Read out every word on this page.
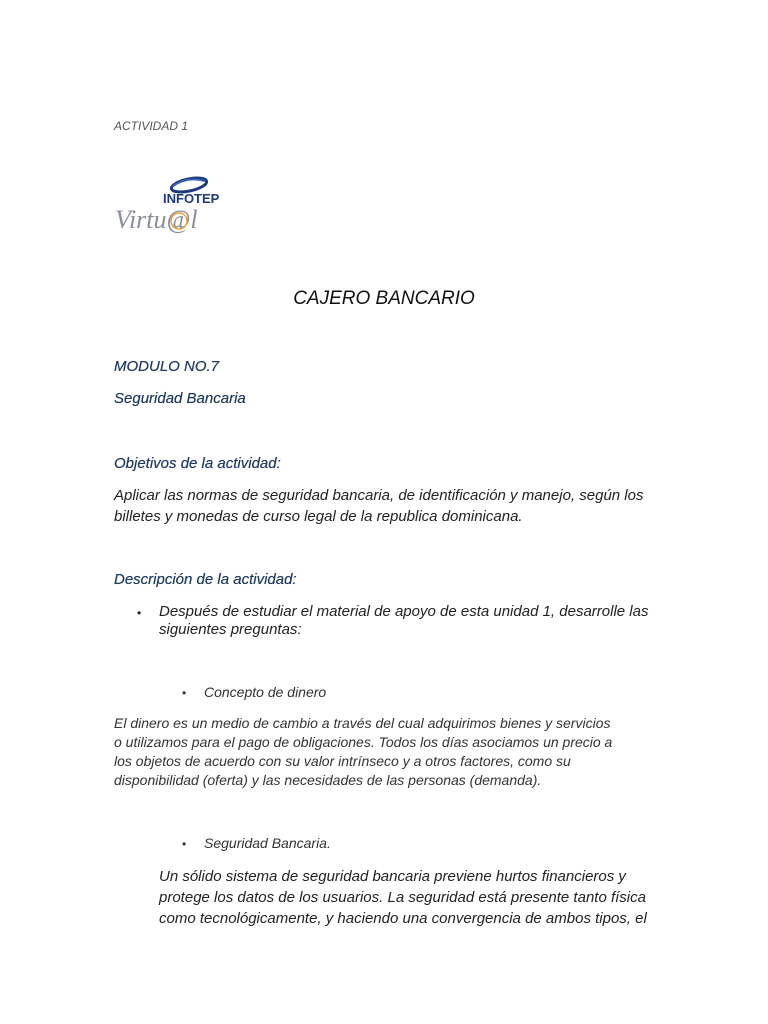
ACTIVIDAD 1
INFOTEP
Virtu@l
CAJERO BANCARIO
MODULO NO.7
Seguridad Bancaria
Objetivos de la actividad:
Aplicar las normas de seguridad bancaria, de identificación y manejo, según los
billetes y monedas de curso legal de la republica dominicana.
Descripción de la actividad:
• Después de estudiar el material de apoyo de esta unidad 1, desarrolle las
siguientes preguntas:
• Concepto de dinero
El dinero es un medio de cambio a través del cual adquirimos bienes y servicios
o utilizamos para el pago de obligaciones. Todos los días asociamos un precio a
los objetos de acuerdo con su valor intrínseco y a otros factores, como su
disponibilidad (oferta) y las necesidades de las personas (demanda).
• Seguridad Bancaria.
Un sólido sistema de seguridad bancaria previene hurtos financieros y
protege los datos de los usuarios. La seguridad está presente tanto física
como tecnológicamente, y haciendo una convergencia de ambos tipos, el
